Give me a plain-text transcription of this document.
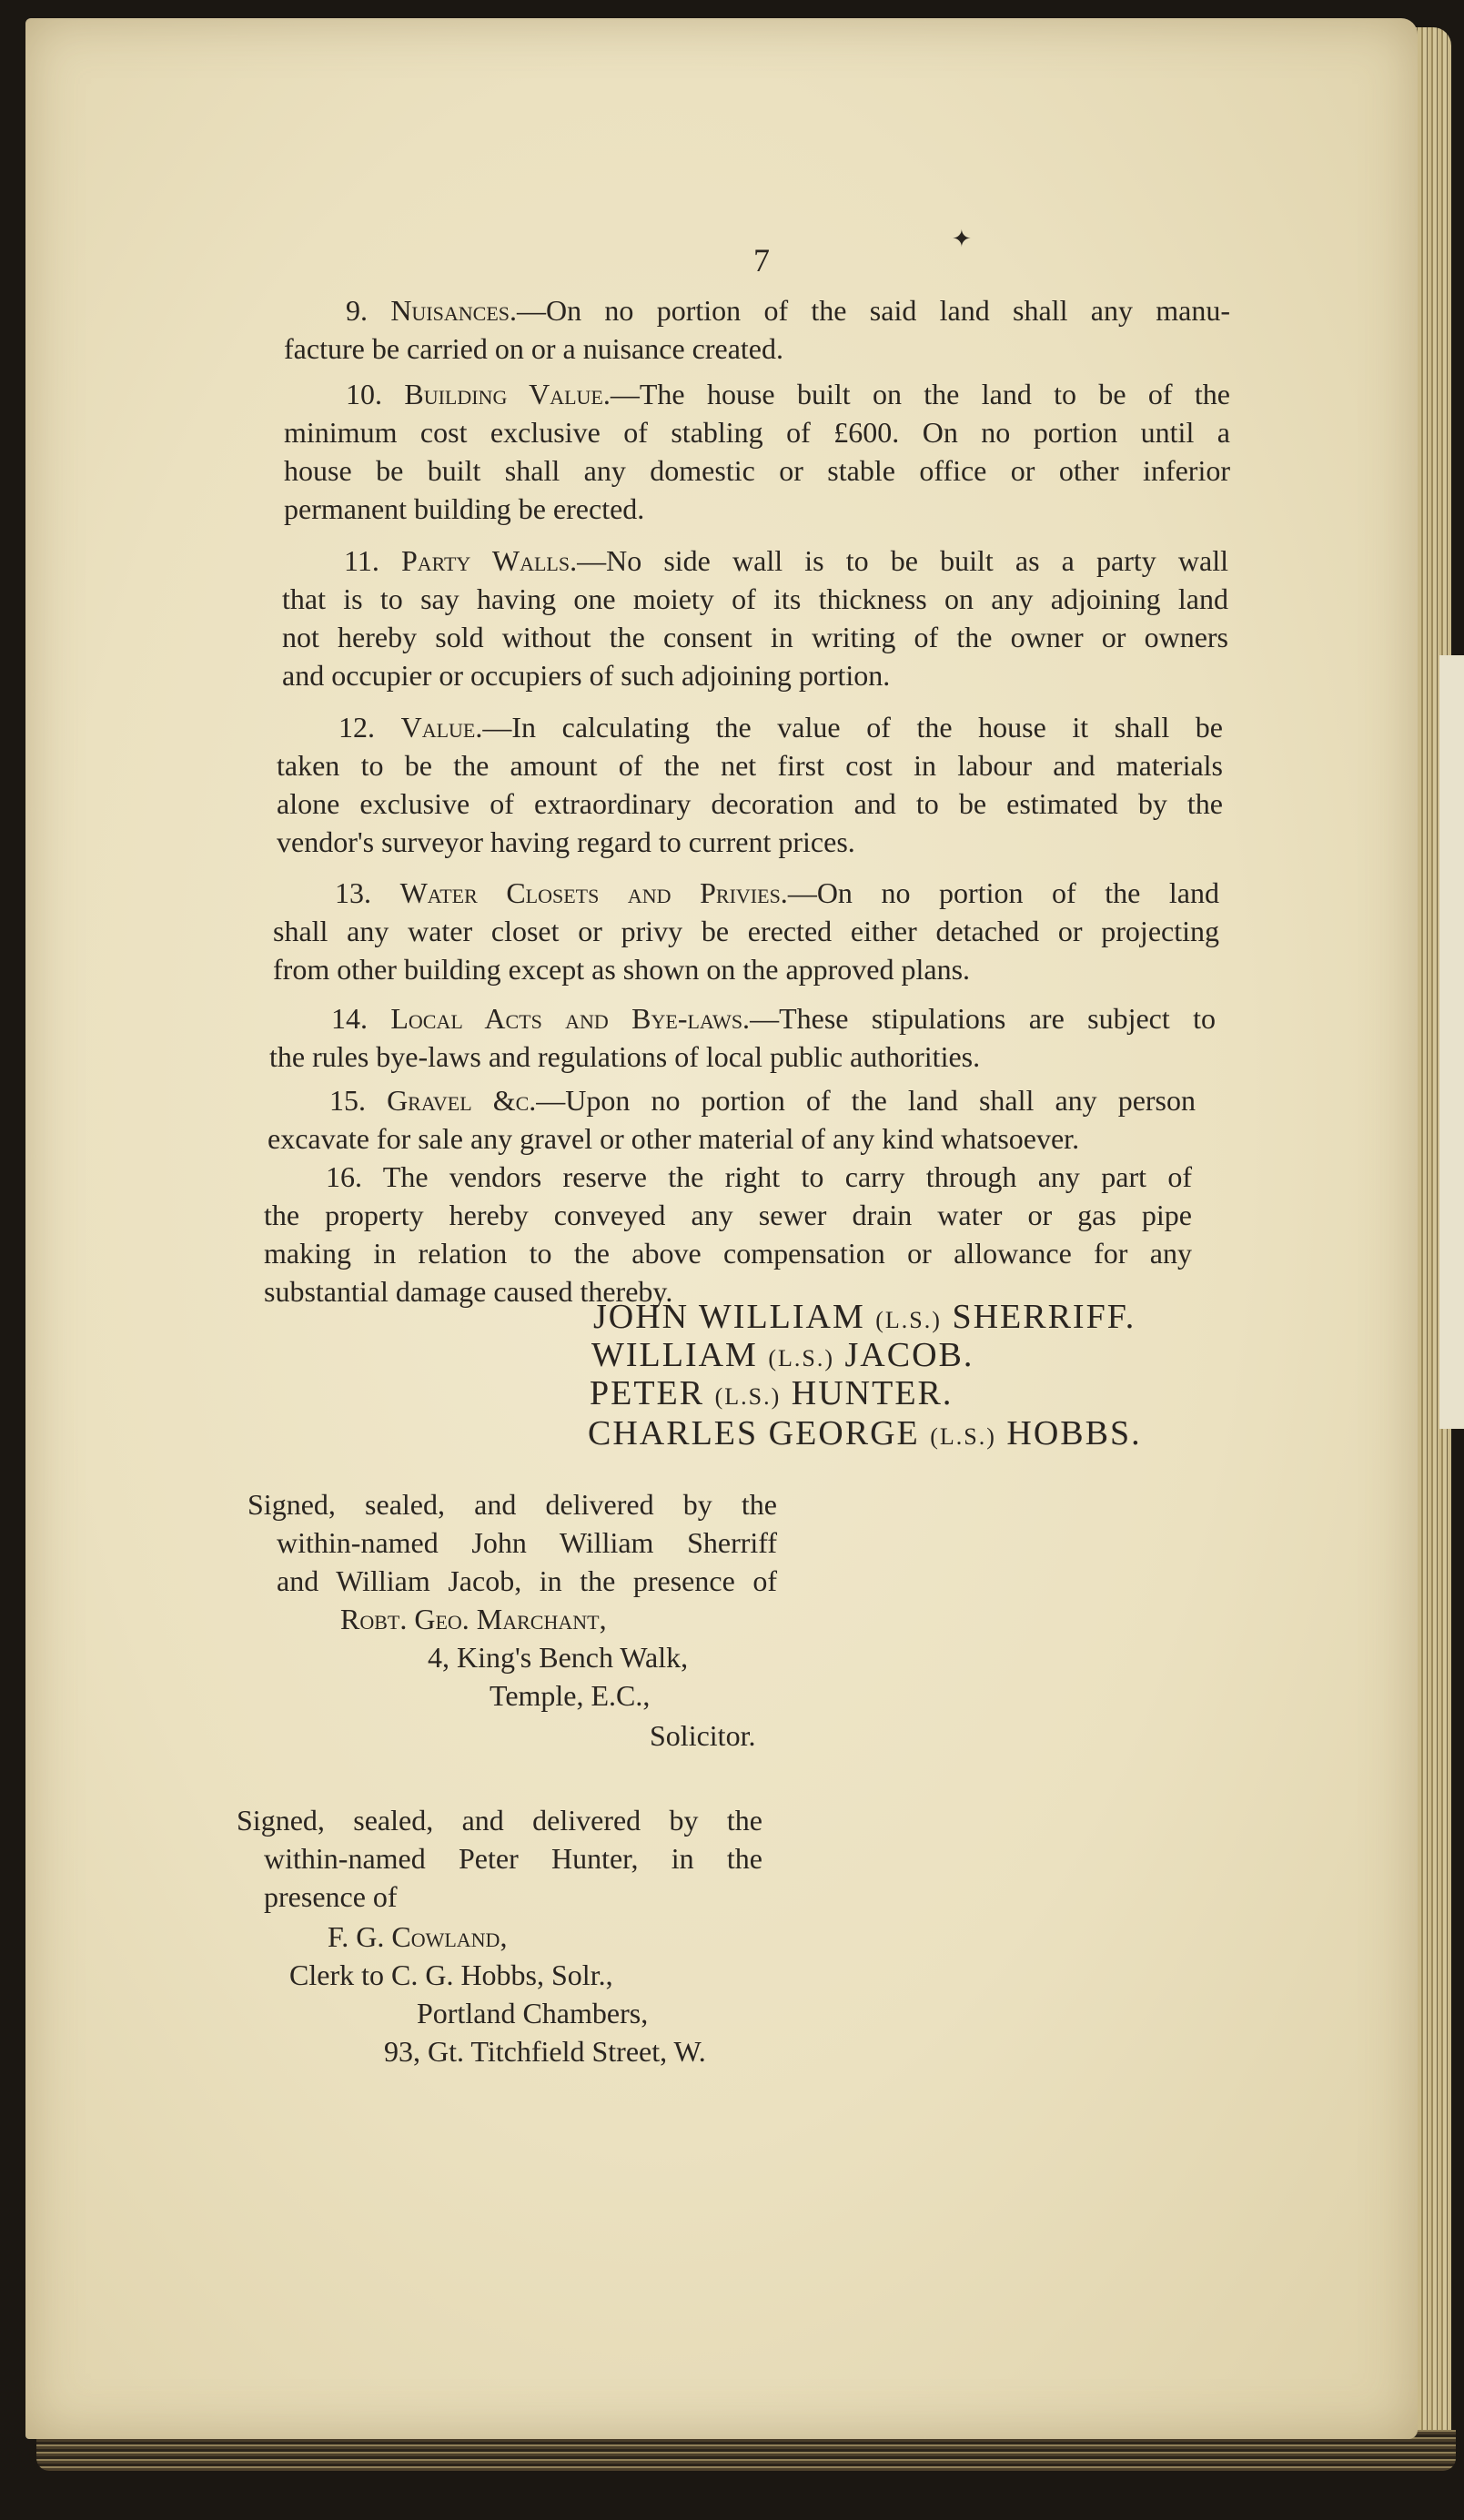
7
✦
9. Nuisances.—On no portion of the said land shall any manu-
facture be carried on or a nuisance created.
10. Building Value.—The house built on the land to be of the
minimum cost exclusive of stabling of £600. On no portion until a
house be built shall any domestic or stable office or other inferior
permanent building be erected.
11. Party Walls.—No side wall is to be built as a party wall
that is to say having one moiety of its thickness on any adjoining land
not hereby sold without the consent in writing of the owner or owners
and occupier or occupiers of such adjoining portion.
12. Value.—In calculating the value of the house it shall be
taken to be the amount of the net first cost in labour and materials
alone exclusive of extraordinary decoration and to be estimated by the
vendor's surveyor having regard to current prices.
13. Water Closets and Privies.—On no portion of the land
shall any water closet or privy be erected either detached or projecting
from other building except as shown on the approved plans.
14. Local Acts and Bye-laws.—These stipulations are subject to
the rules bye-laws and regulations of local public authorities.
15. Gravel &c.—Upon no portion of the land shall any person
excavate for sale any gravel or other material of any kind whatsoever.
16. The vendors reserve the right to carry through any part of
the property hereby conveyed any sewer drain water or gas pipe
making in relation to the above compensation or allowance for any
substantial damage caused thereby.
JOHN WILLIAM (L.S.) SHERRIFF.
WILLIAM (L.S.) JACOB.
PETER (L.S.) HUNTER.
CHARLES GEORGE (L.S.) HOBBS.
Signed, sealed, and delivered by the
within-named John William Sherriff
and William Jacob, in the presence of
Robt. Geo. Marchant,
4, King's Bench Walk,
Temple, E.C.,
Solicitor.
Signed, sealed, and delivered by the
within-named Peter Hunter, in the
presence of
F. G. Cowland,
Clerk to C. G. Hobbs, Solr.,
Portland Chambers,
93, Gt. Titchfield Street, W.
